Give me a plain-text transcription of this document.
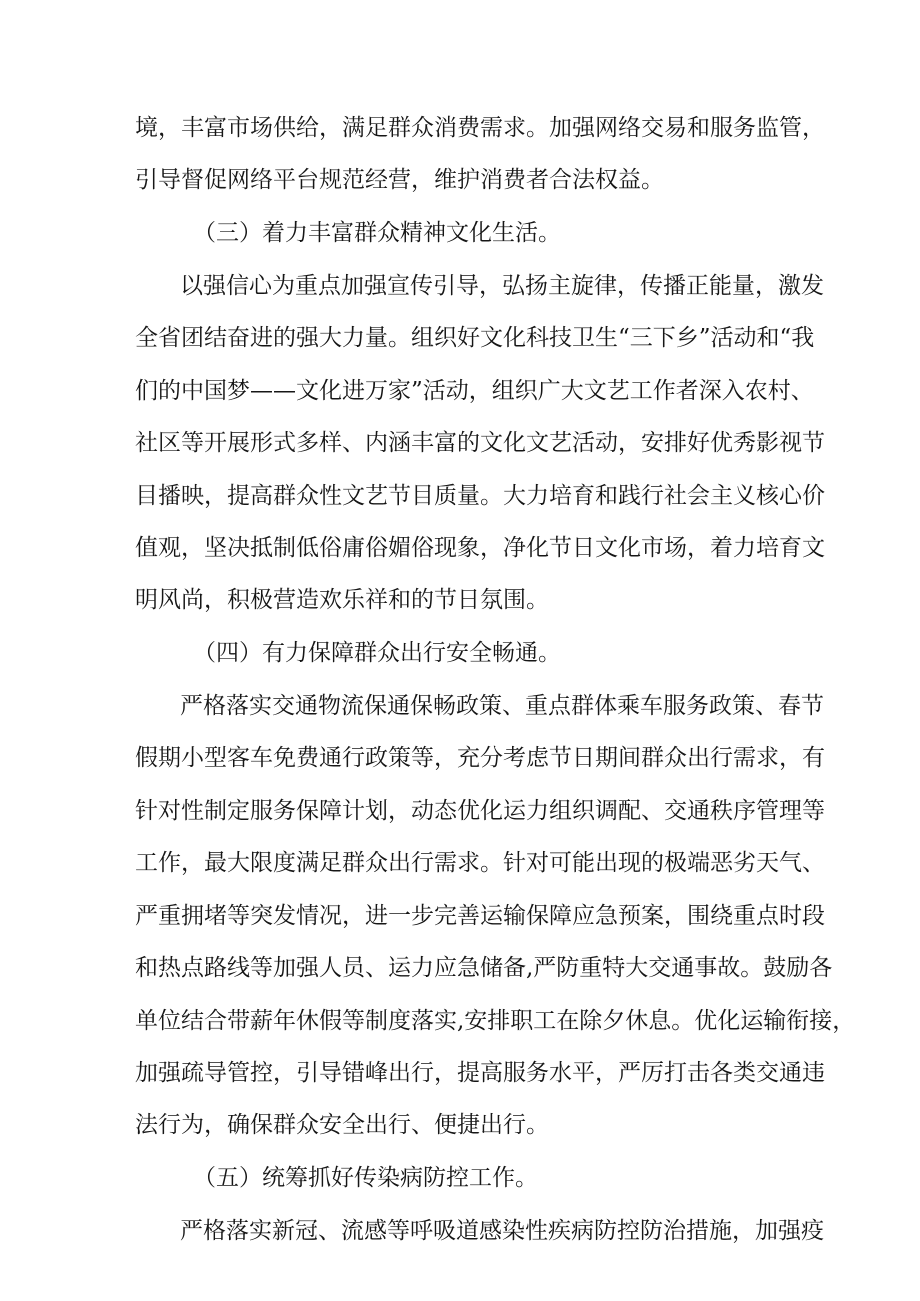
境，丰富市场供给，满足群众消费需求。加强网络交易和服务监管，
引导督促网络平台规范经营，维护消费者合法权益。
（三）着力丰富群众精神文化生活。
以强信心为重点加强宣传引导，弘扬主旋律，传播正能量，激发
全省团结奋进的强大力量。组织好文化科技卫生“三下乡”活动和“我
们的中国梦——文化进万家”活动，组织广大文艺工作者深入农村、
社区等开展形式多样、内涵丰富的文化文艺活动，安排好优秀影视节
目播映，提高群众性文艺节目质量。大力培育和践行社会主义核心价
值观，坚决抵制低俗庸俗媚俗现象，净化节日文化市场，着力培育文
明风尚，积极营造欢乐祥和的节日氛围。
（四）有力保障群众出行安全畅通。
严格落实交通物流保通保畅政策、重点群体乘车服务政策、春节
假期小型客车免费通行政策等，充分考虑节日期间群众出行需求，有
针对性制定服务保障计划，动态优化运力组织调配、交通秩序管理等
工作，最大限度满足群众出行需求。针对可能出现的极端恶劣天气、
严重拥堵等突发情况，进一步完善运输保障应急预案，围绕重点时段
和热点路线等加强人员、运力应急储备,严防重特大交通事故。鼓励各
单位结合带薪年休假等制度落实,安排职工在除夕休息。优化运输衔接，
加强疏导管控，引导错峰出行，提高服务水平，严厉打击各类交通违
法行为，确保群众安全出行、便捷出行。
（五）统筹抓好传染病防控工作。
严格落实新冠、流感等呼吸道感染性疾病防控防治措施，加强疫
